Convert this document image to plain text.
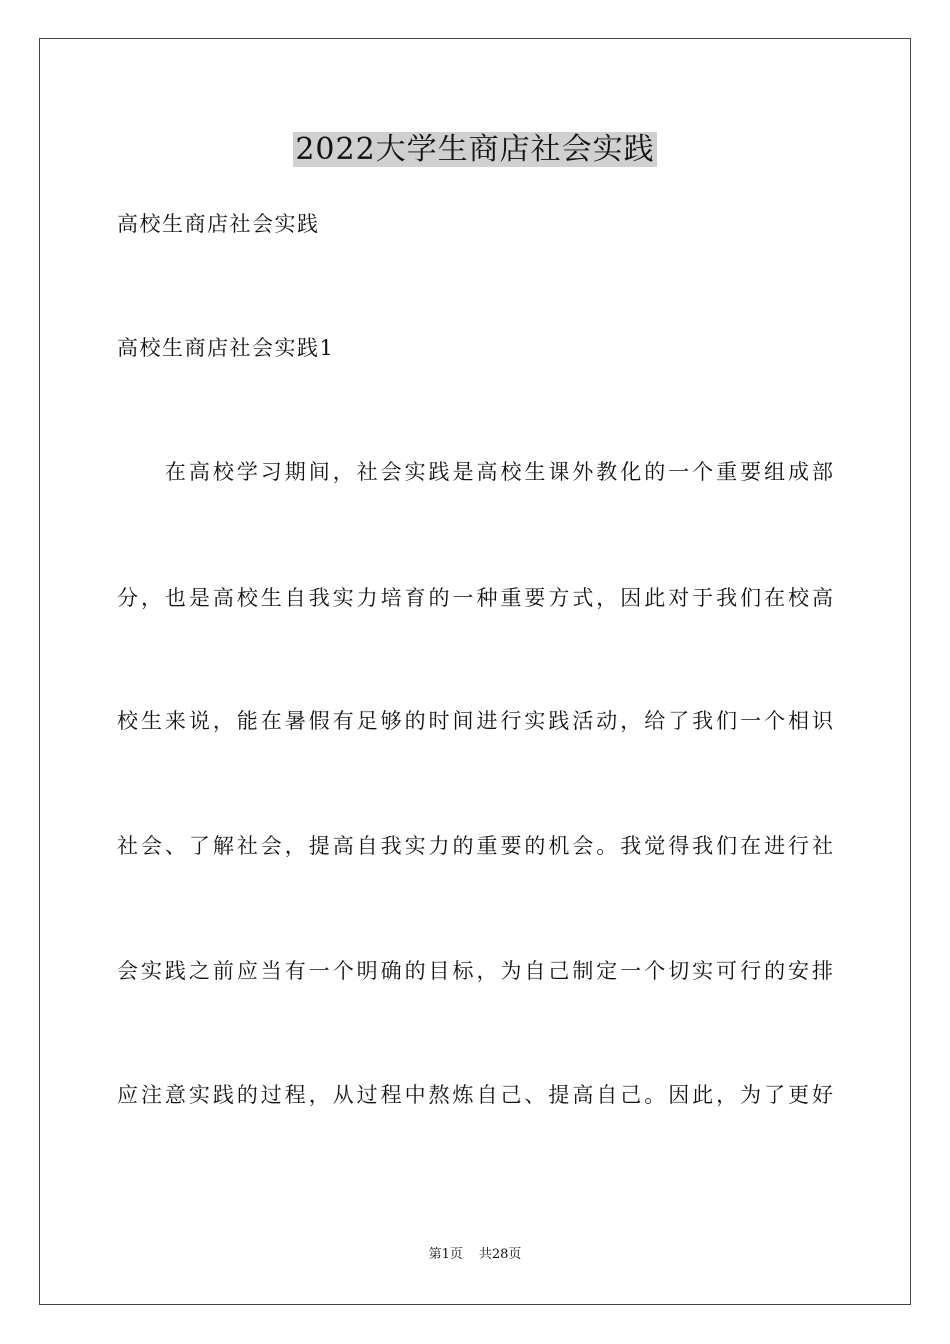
2022大学生商店社会实践
高校生商店社会实践
高校生商店社会实践1
　　在高校学习期间，社会实践是高校生课外教化的一个重要组成部
分，也是高校生自我实力培育的一种重要方式，因此对于我们在校高
校生来说，能在暑假有足够的时间进行实践活动，给了我们一个相识
社会、了解社会，提高自我实力的重要的机会。我觉得我们在进行社
会实践之前应当有一个明确的目标，为自己制定一个切实可行的安排
应注意实践的过程，从过程中熬炼自己、提高自己。因此，为了更好
第1页 共28页
